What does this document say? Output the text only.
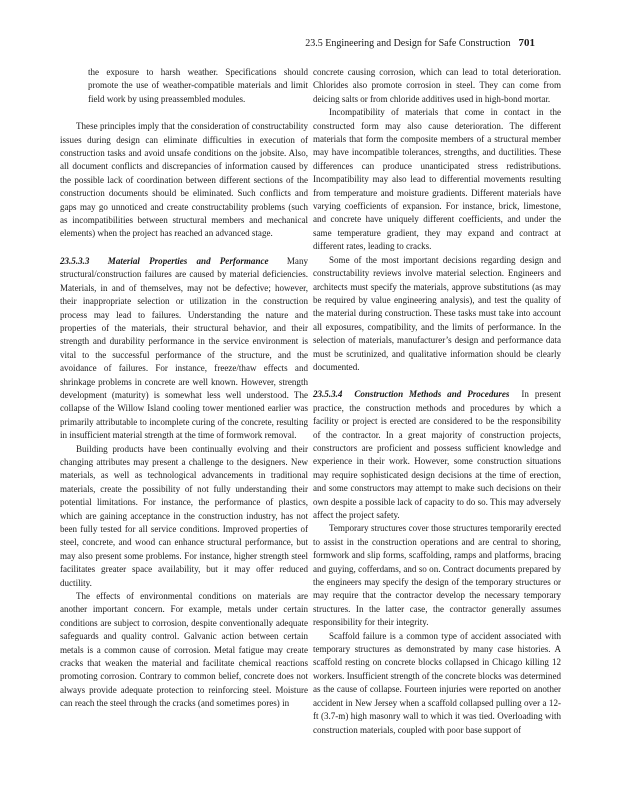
23.5 Engineering and Design for Safe Construction 701

the exposure to harsh weather. Specifications should promote the use of weather-compatible materials and limit field work by using preassembled modules.

These principles imply that the consideration of constructability issues during design can eliminate difficulties in execution of construction tasks and avoid unsafe conditions on the jobsite. Also, all document conflicts and discrepancies of information caused by the possible lack of coordination between different sections of the construction documents should be eliminated. Such conflicts and gaps may go unnoticed and create constructability problems (such as incompatibilities between structural members and mechanical elements) when the project has reached an advanced stage.

23.5.3.3 Material Properties and Performance Many structural/construction failures are caused by material deficiencies. Materials, in and of themselves, may not be defective; however, their inappropriate selection or utilization in the construction process may lead to failures. Understanding the nature and properties of the materials, their structural behavior, and their strength and durability performance in the service environment is vital to the successful performance of the structure, and the avoidance of failures. For instance, freeze/thaw effects and shrinkage problems in concrete are well known. However, strength development (maturity) is somewhat less well understood. The collapse of the Willow Island cooling tower mentioned earlier was primarily attributable to incomplete curing of the concrete, resulting in insufficient material strength at the time of formwork removal.

Building products have been continually evolving and their changing attributes may present a challenge to the designers. New materials, as well as technological advancements in traditional materials, create the possibility of not fully understanding their potential limitations. For instance, the performance of plastics, which are gaining acceptance in the construction industry, has not been fully tested for all service conditions. Improved properties of steel, concrete, and wood can enhance structural performance, but may also present some problems. For instance, higher strength steel facilitates greater space availability, but it may offer reduced ductility.

The effects of environmental conditions on materials are another important concern. For example, metals under certain conditions are subject to corrosion, despite conventionally adequate safeguards and quality control. Galvanic action between certain metals is a common cause of corrosion. Metal fatigue may create cracks that weaken the material and facilitate chemical reactions promoting corrosion. Contrary to common belief, concrete does not always provide adequate protection to reinforcing steel. Moisture can reach the steel through the cracks (and sometimes pores) in

concrete causing corrosion, which can lead to total deterioration. Chlorides also promote corrosion in steel. They can come from deicing salts or from chloride additives used in high-bond mortar.

Incompatibility of materials that come in contact in the constructed form may also cause deterioration. The different materials that form the composite members of a structural member may have incompatible tolerances, strengths, and ductilities. These differences can produce unanticipated stress redistributions. Incompatibility may also lead to differential movements resulting from temperature and moisture gradients. Different materials have varying coefficients of expansion. For instance, brick, limestone, and concrete have uniquely different coefficients, and under the same temperature gradient, they may expand and contract at different rates, leading to cracks.

Some of the most important decisions regarding design and constructability reviews involve material selection. Engineers and architects must specify the materials, approve substitutions (as may be required by value engineering analysis), and test the quality of the material during construction. These tasks must take into account all exposures, compatibility, and the limits of performance. In the selection of materials, manufacturer’s design and performance data must be scrutinized, and qualitative information should be clearly documented.

23.5.3.4 Construction Methods and Procedures In present practice, the construction methods and procedures by which a facility or project is erected are considered to be the responsibility of the contractor. In a great majority of construction projects, constructors are proficient and possess sufficient knowledge and experience in their work. However, some construction situations may require sophisticated design decisions at the time of erection, and some constructors may attempt to make such decisions on their own despite a possible lack of capacity to do so. This may adversely affect the project safety.

Temporary structures cover those structures temporarily erected to assist in the construction operations and are central to shoring, formwork and slip forms, scaffolding, ramps and platforms, bracing and guying, cofferdams, and so on. Contract documents prepared by the engineers may specify the design of the temporary structures or may require that the contractor develop the necessary temporary structures. In the latter case, the contractor generally assumes responsibility for their integrity.

Scaffold failure is a common type of accident associated with temporary structures as demonstrated by many case histories. A scaffold resting on concrete blocks collapsed in Chicago killing 12 workers. Insufficient strength of the concrete blocks was determined as the cause of collapse. Fourteen injuries were reported on another accident in New Jersey when a scaffold collapsed pulling over a 12-ft (3.7-m) high masonry wall to which it was tied. Overloading with construction materials, coupled with poor base support of
